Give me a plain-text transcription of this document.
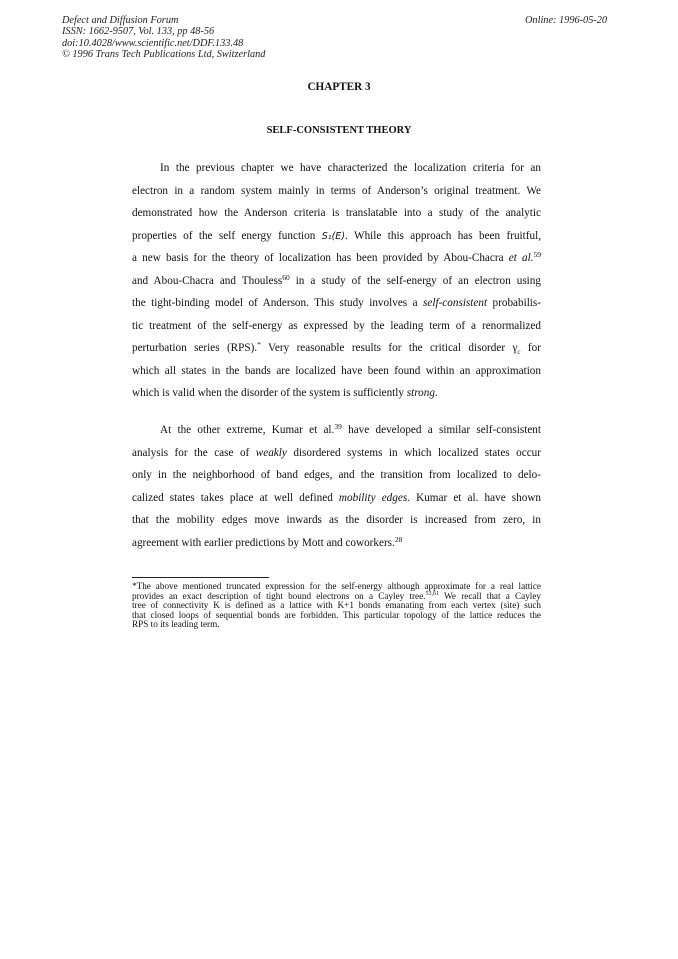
Defect and Diffusion Forum
ISSN: 1662-9507, Vol. 133, pp 48-56
doi:10.4028/www.scientific.net/DDF.133.48
© 1996 Trans Tech Publications Ltd, Switzerland
Online: 1996-05-20
CHAPTER 3
SELF-CONSISTENT THEORY
In the previous chapter we have characterized the localization criteria for an
electron in a random system mainly in terms of Anderson’s original treatment. We
demonstrated how the Anderson criteria is translatable into a study of the analytic
properties of the self energy function S₁(E). While this approach has been fruitful,
a new basis for the theory of localization has been provided by Abou-Chacra et al.$^{59}$
and Abou-Chacra and Thouless$^{60}$ in a study of the self-energy of an electron using
the tight-binding model of Anderson. This study involves a self-consistent probabilis-
tic treatment of the self-energy as expressed by the leading term of a renormalized
perturbation series (RPS).* Very reasonable results for the critical disorder $\gamma_c$ for
which all states in the bands are localized have been found within an approximation
which is valid when the disorder of the system is sufficiently strong.
At the other extreme, Kumar et al.$^{39}$ have developed a similar self-consistent
analysis for the case of weakly disordered systems in which localized states occur
only in the neighborhood of band edges, and the transition from localized to delo-
calized states takes place at well defined mobility edges. Kumar et al. have shown
that the mobility edges move inwards as the disorder is increased from zero, in
agreement with earlier predictions by Mott and coworkers.$^{28}$
*The above mentioned truncated expression for the self-energy although approximate for a real lattice
provides an exact description of tight bound electrons on a Cayley tree.$^{53,61}$ We recall that a Cayley
tree of connectivity K is defined as a lattice with K+1 bonds emanating from each vertex (site) such
that closed loops of sequential bonds are forbidden. This particular topology of the lattice reduces the
RPS to its leading term.
